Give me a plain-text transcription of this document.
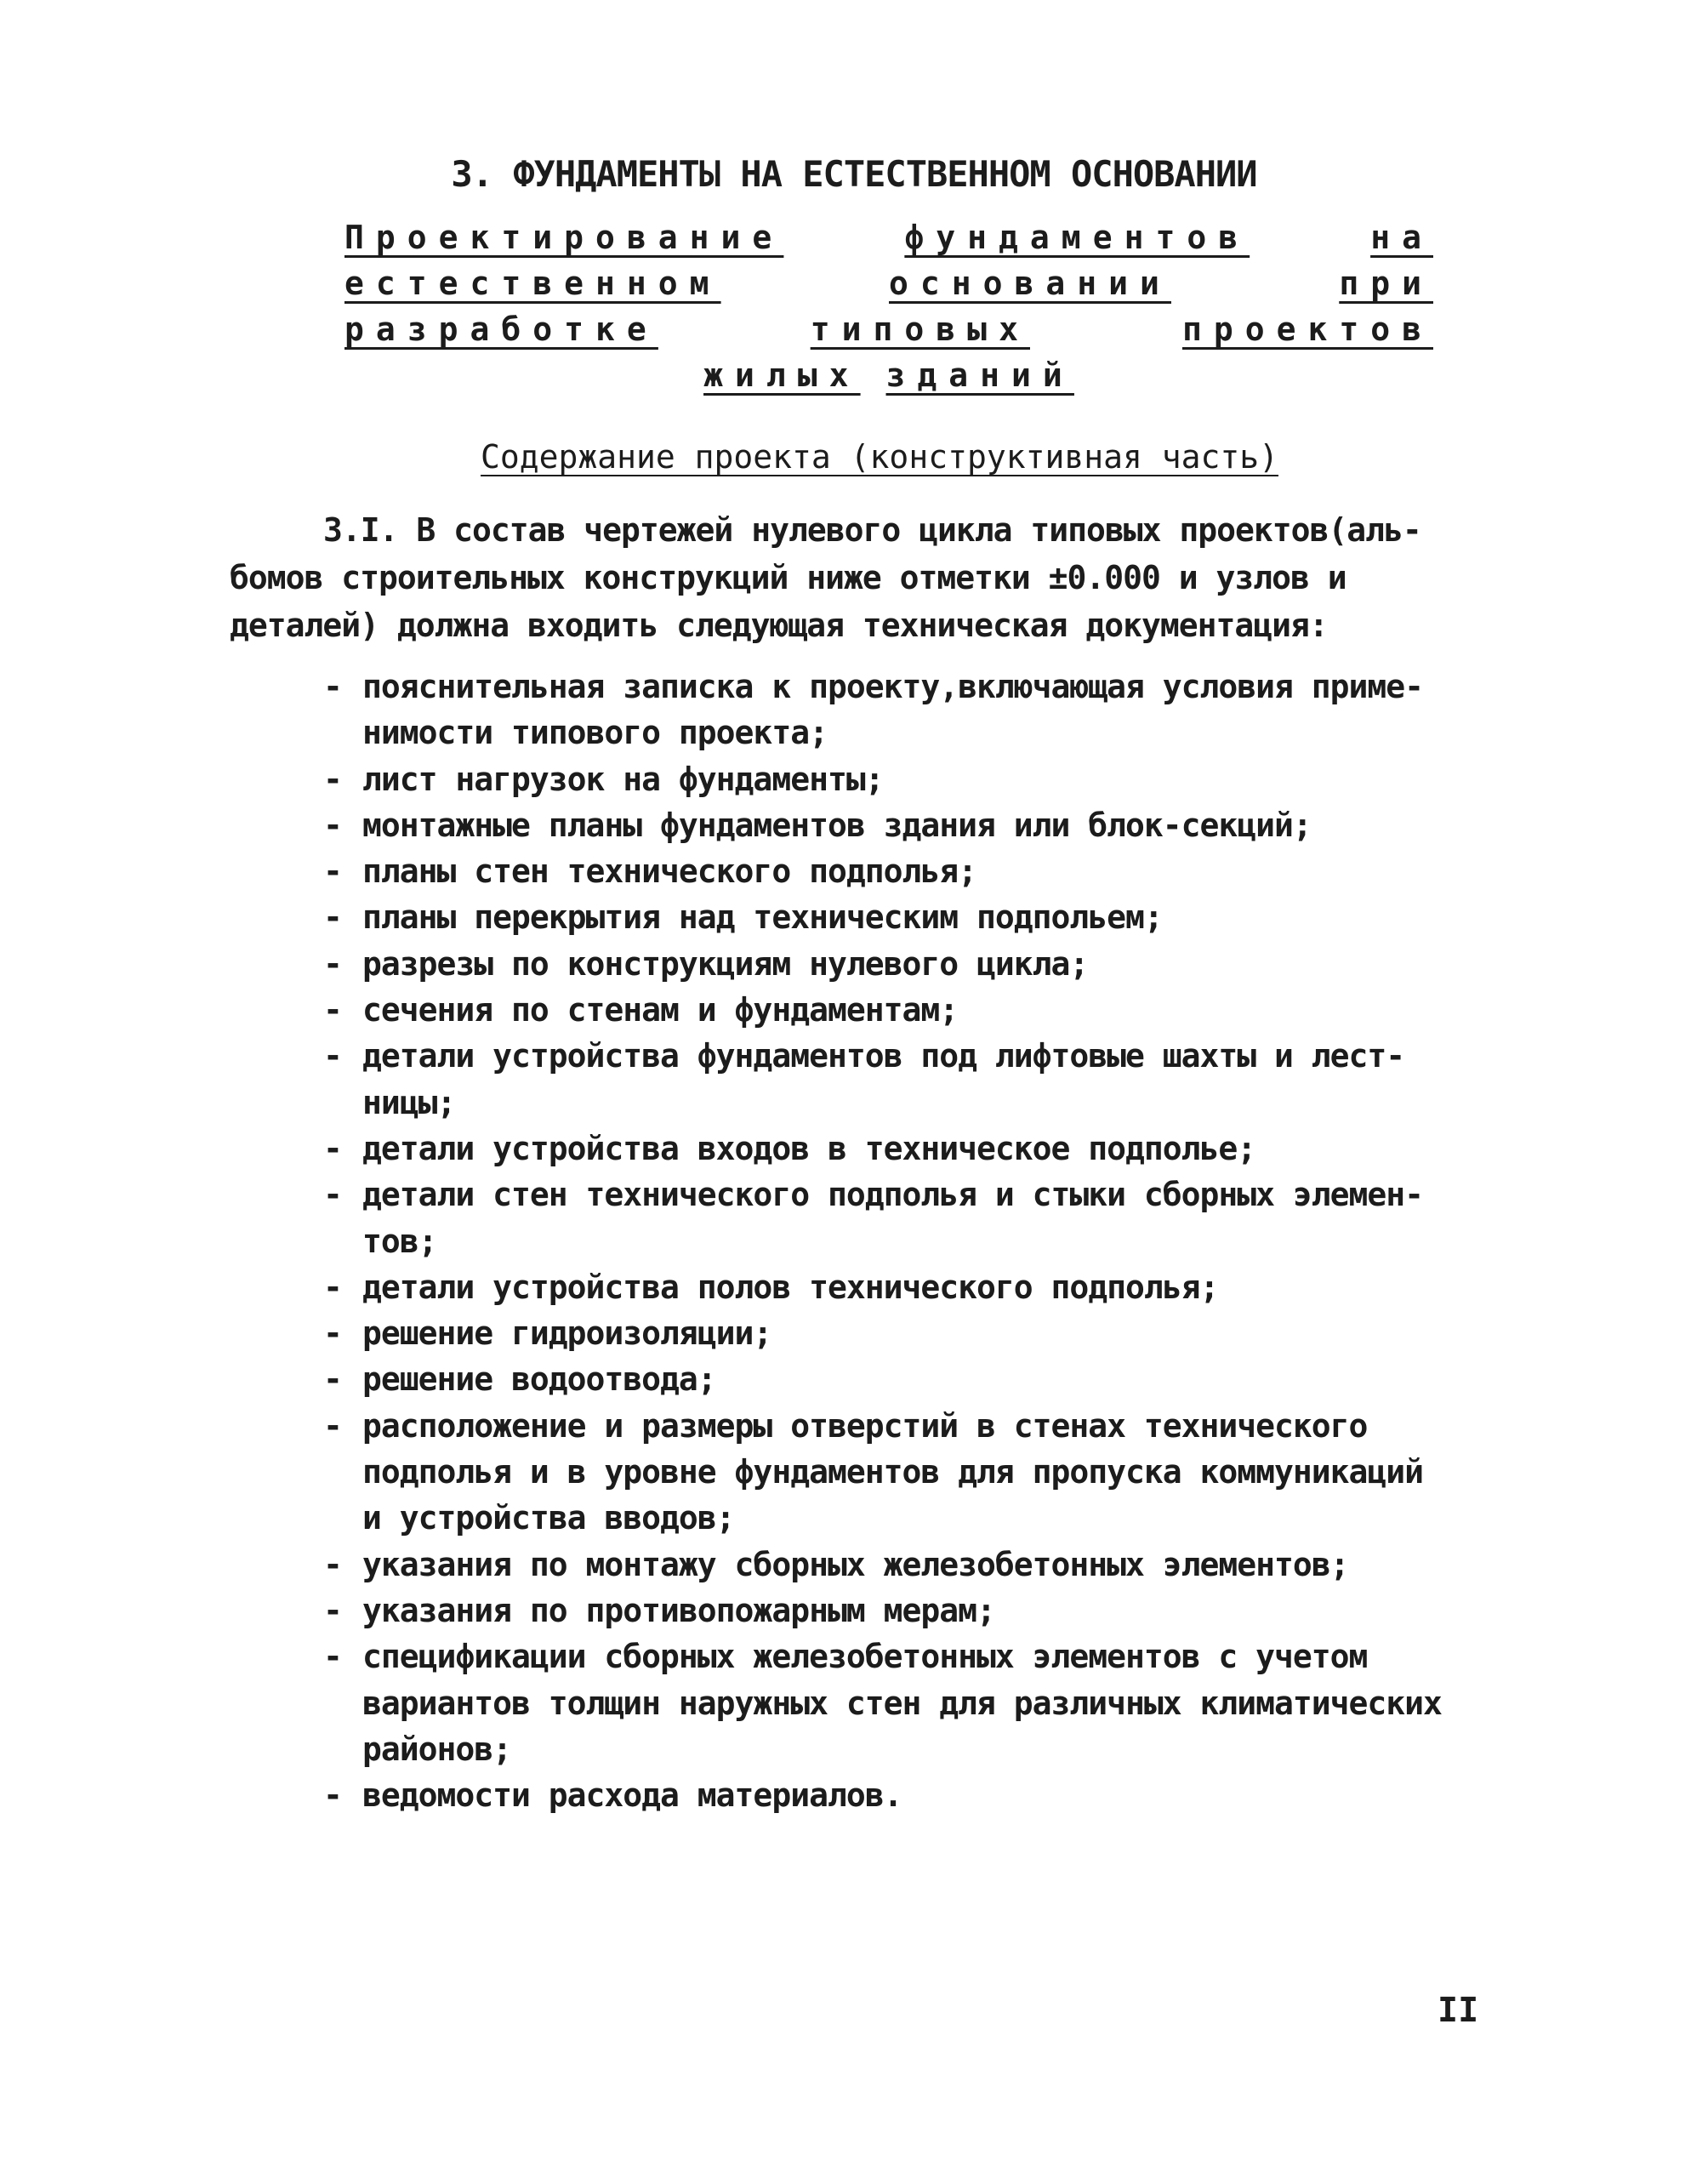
3. ФУНДАМЕНТЫ НА ЕСТЕСТВЕННОМ ОСНОВАНИИ
Проектирование	фундаментов	на
естественном	основании	при
разработке	типовых	проектов
жилых зданий
Содержание проекта (конструктивная часть)
3.I. В состав чертежей нулевого цикла типовых проектов(аль-
бомов строительных конструкций ниже отметки ±0.000 и узлов и
деталей) должна входить следующая техническая документация:
- пояснительная записка к проекту,включающая условия приме-
нимости типового проекта;
- лист нагрузок на фундаменты;
- монтажные планы фундаментов здания или блок-секций;
- планы стен технического подполья;
- планы перекрытия над техническим подпольем;
- разрезы по конструкциям нулевого цикла;
- сечения по стенам и фундаментам;
- детали устройства фундаментов под лифтовые шахты и лест-
ницы;
- детали устройства входов в техническое подполье;
- детали стен технического подполья и стыки сборных элемен-
тов;
- детали устройства полов технического подполья;
- решение гидроизоляции;
- решение водоотвода;
- расположение и размеры отверстий в стенах технического
подполья и в уровне фундаментов для пропуска коммуникаций
и устройства вводов;
- указания по монтажу сборных железобетонных элементов;
- указания по противопожарным мерам;
- спецификации сборных железобетонных элементов с учетом
вариантов толщин наружных стен для различных климатических
районов;
- ведомости расхода материалов.
II
